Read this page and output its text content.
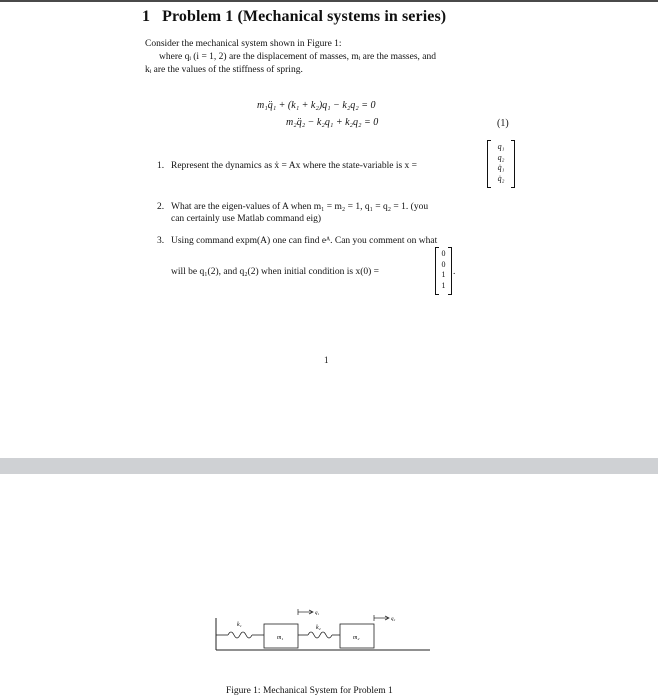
1 Problem 1 (Mechanical systems in series)
Consider the mechanical system shown in Figure 1:
where qᵢ (i = 1, 2) are the displacement of masses, mᵢ are the masses, and
kᵢ are the values of the stiffness of spring.
m₁q̈₁ + (k₁ + k₂)q₁ − k₂q₂ = 0
m₂q̈₂ − k₂q₁ + k₂q₂ = 0	(1)
1. Represent the dynamics as ẋ = Ax where the state-variable is x =
q₁
q₂
q̇₁
q̇₂
2. What are the eigen-values of A when m₁ = m₂ = 1, q₁ = q₂ = 1. (you
can certainly use Matlab command eig)
3. Using command expm(A) one can find eᴬ. Can you comment on what
will be q₁(2), and q₂(2) when initial condition is x(0) =
0
0
1
1
.
1
k₁
m₁
q₁
k₂
m₂
q₂
Figure 1: Mechanical System for Problem 1
